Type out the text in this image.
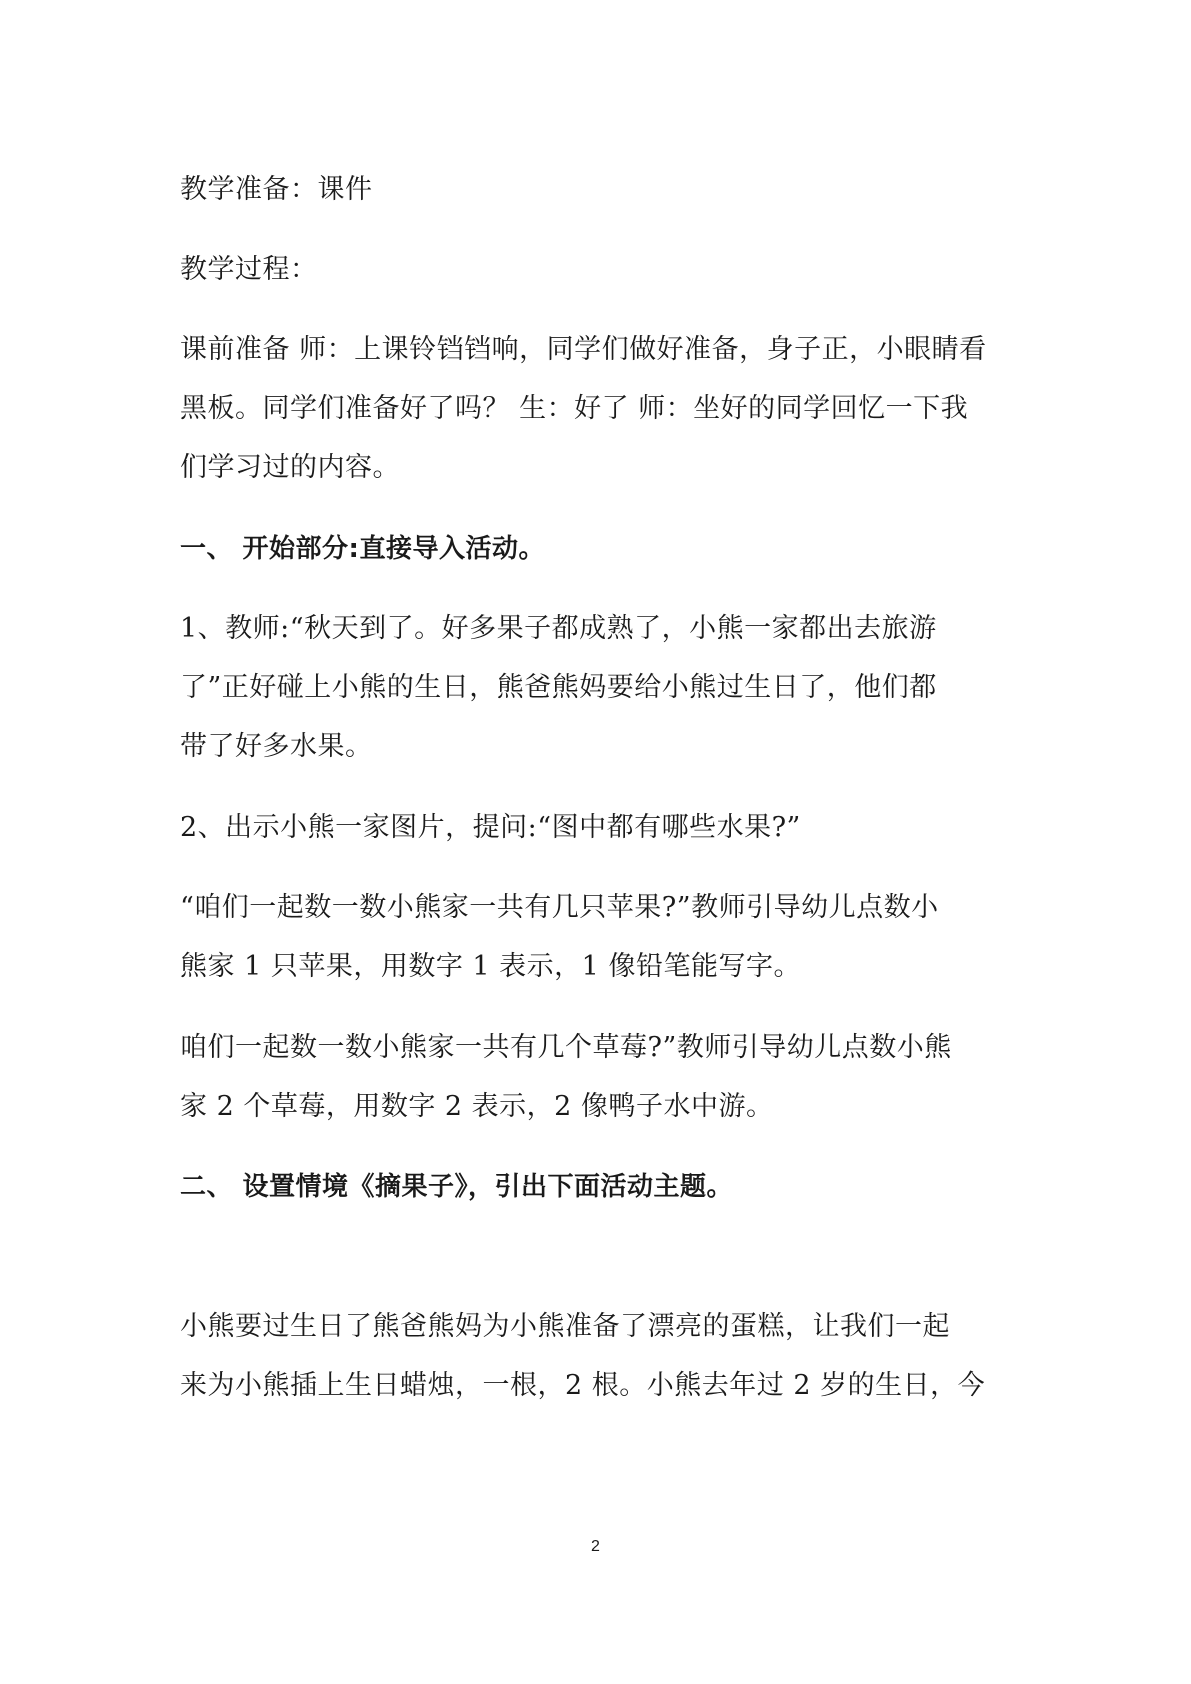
教学准备：课件
教学过程：
课前准备 师：上课铃铛铛响，同学们做好准备，身子正，小眼睛看
黑板。同学们准备好了吗？ 生：好了 师：坐好的同学回忆一下我
们学习过的内容。
一、 开始部分:直接导入活动。
1、教师:“秋天到了。好多果子都成熟了，小熊一家都出去旅游
了”正好碰上小熊的生日，熊爸熊妈要给小熊过生日了，他们都
带了好多水果。
2、出示小熊一家图片，提问:“图中都有哪些水果?”
“咱们一起数一数小熊家一共有几只苹果?”教师引导幼儿点数小
熊家 1 只苹果，用数字 1 表示，1 像铅笔能写字。
咱们一起数一数小熊家一共有几个草莓?”教师引导幼儿点数小熊
家 2 个草莓，用数字 2 表示，2 像鸭子水中游。
二、 设置情境《摘果子》，引出下面活动主题。
小熊要过生日了熊爸熊妈为小熊准备了漂亮的蛋糕，让我们一起
来为小熊插上生日蜡烛，一根，2 根。小熊去年过 2 岁的生日，今
2
